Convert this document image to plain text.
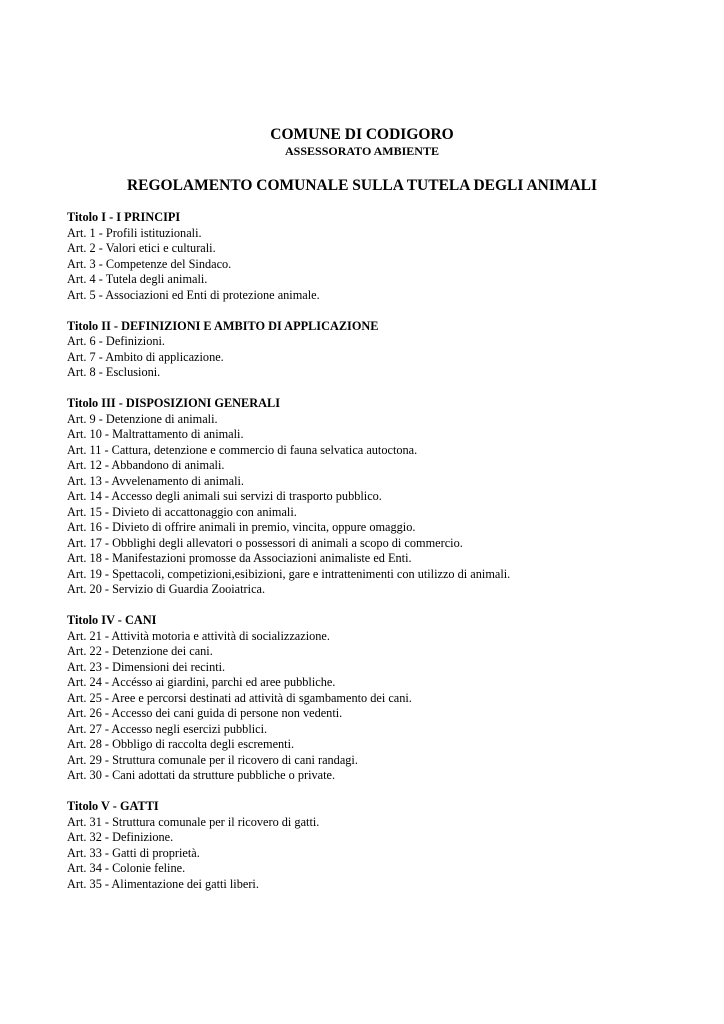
COMUNE DI CODIGORO
ASSESSORATO AMBIENTE
REGOLAMENTO COMUNALE SULLA TUTELA DEGLI ANIMALI
Titolo I - I PRINCIPI
Art. 1 - Profili istituzionali.
Art. 2 - Valori etici e culturali.
Art. 3 - Competenze del Sindaco.
Art. 4 - Tutela degli animali.
Art. 5 - Associazioni ed Enti di protezione animale.
Titolo II - DEFINIZIONI E AMBITO DI APPLICAZIONE
Art. 6 - Definizioni.
Art. 7 - Ambito di applicazione.
Art. 8 - Esclusioni.
Titolo III - DISPOSIZIONI GENERALI
Art. 9 - Detenzione di animali.
Art. 10 - Maltrattamento di animali.
Art. 11 - Cattura, detenzione e commercio di fauna selvatica autoctona.
Art. 12 - Abbandono di animali.
Art. 13 - Avvelenamento di animali.
Art. 14 - Accesso degli animali sui servizi di trasporto pubblico.
Art. 15 - Divieto di accattonaggio con animali.
Art. 16 - Divieto di offrire animali in premio, vincita, oppure omaggio.
Art. 17 - Obblighi degli allevatori o possessori di animali a scopo di commercio.
Art. 18 - Manifestazioni promosse da Associazioni animaliste ed Enti.
Art. 19 - Spettacoli, competizioni,esibizioni, gare e intrattenimenti con utilizzo di animali.
Art. 20 - Servizio di Guardia Zooiatrica.
Titolo IV - CANI
Art. 21 - Attività motoria e attività di socializzazione.
Art. 22 - Detenzione dei cani.
Art. 23 - Dimensioni dei recinti.
Art. 24 - Accésso ai giardini, parchi ed aree pubbliche.
Art. 25 - Aree e percorsi destinati ad attività di sgambamento dei cani.
Art. 26 - Accesso dei cani guida di persone non vedenti.
Art. 27 - Accesso negli esercizi pubblici.
Art. 28 - Obbligo di raccolta degli escrementi.
Art. 29 - Struttura comunale per il ricovero di cani randagi.
Art. 30 - Cani adottati da strutture pubbliche o private.
Titolo V - GATTI
Art. 31 - Struttura comunale per il ricovero di gatti.
Art. 32 - Definizione.
Art. 33 - Gatti di proprietà.
Art. 34 - Colonie feline.
Art. 35 - Alimentazione dei gatti liberi.
